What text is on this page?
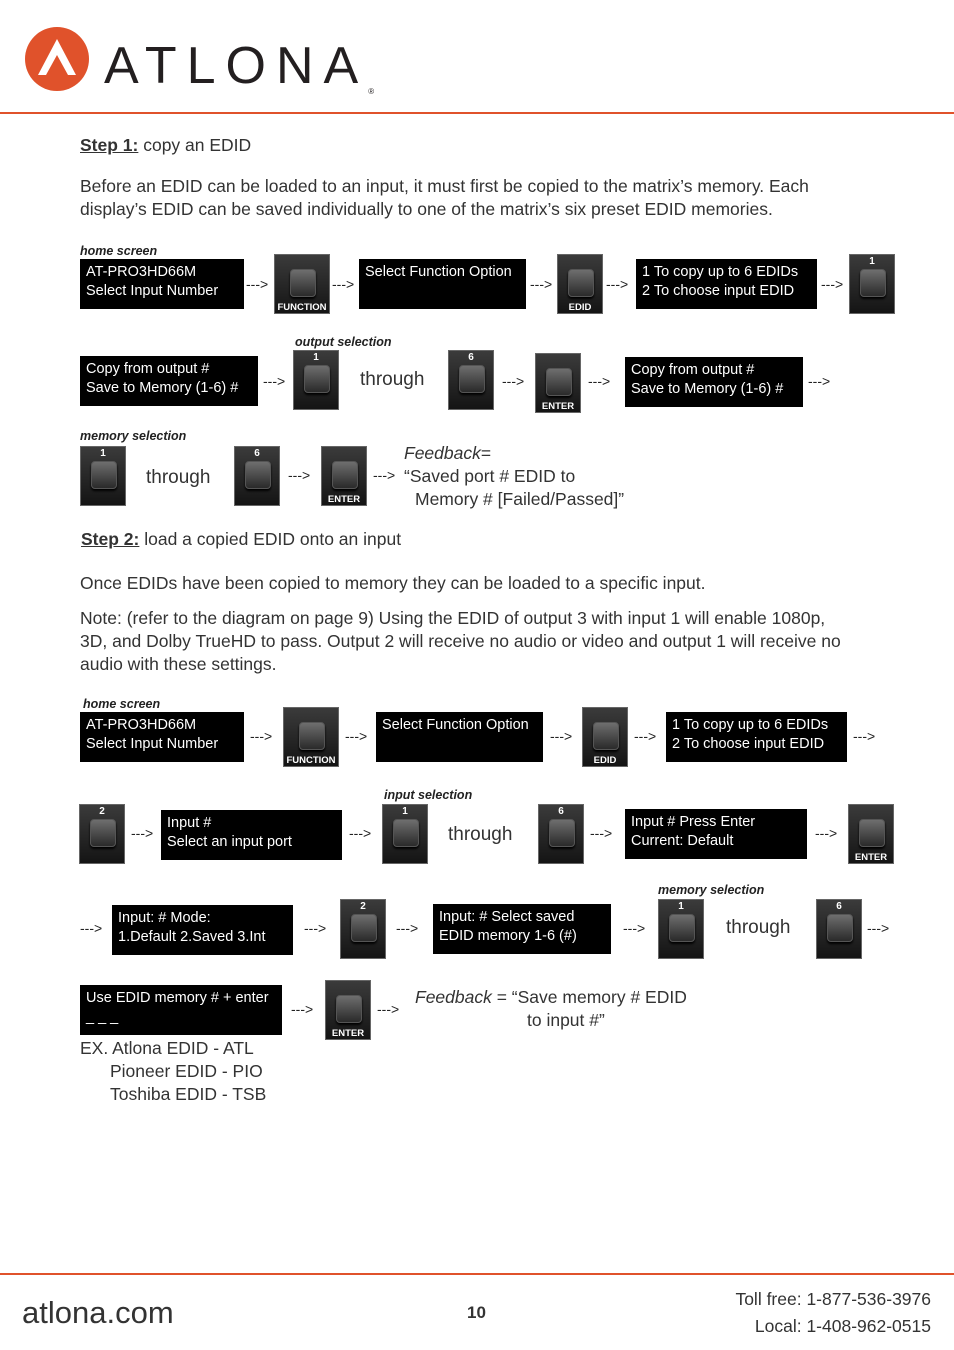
ATLONA®
Step 1: copy an EDID
Before an EDID can be loaded to an input, it must first be copied to the matrix’s memory. Each
display’s EDID can be saved individually to one of the matrix’s six preset EDID memories.
home screen
AT-PRO3HD66M
Select Input Number	--->
FUNCTION
--->
Select Function Option
--->
EDID
--->
1 To copy up to 6 EDIDs
2 To choose input EDID	--->
1
Copy from output #
Save to Memory (1-6) #	--->
output selection
1
through
6
--->
ENTER
--->
Copy from output #
Save to Memory (1-6) #	--->
memory selection
1
through
6
--->
ENTER
--->
Feedback=
“Saved port # EDID to
Memory # [Failed/Passed]”
Step 2: load a copied EDID onto an input
Once EDIDs have been copied to memory they can be loaded to a specific input.
Note: (refer to the diagram on page 9) Using the EDID of output 3 with input 1 will enable 1080p,
3D, and Dolby TrueHD to pass. Output 2 will receive no audio or video and output 1 will receive no
audio with these settings.
home screen
AT-PRO3HD66M
Select Input Number	--->
FUNCTION
--->
Select Function Option
--->
EDID
--->
1 To copy up to 6 EDIDs
2 To choose input EDID	--->
2
--->
Input #
Select an input port
--->
input selection
1
through
6
--->
Input # Press Enter
Current: Default	--->
ENTER
--->
Input: # Mode:
1.Default 2.Saved 3.Int
--->
2
--->
Input: # Select saved
EDID memory 1-6 (#)	--->
memory selection
1
through
6
--->
Use EDID memory # + enter
_ _ _	--->
ENTER
--->
Feedback = “Save memory # EDID
to input #”
EX. Atlona EDID - ATL
Pioneer EDID - PIO
Toshiba EDID - TSB
atlona.com	10
Toll free: 1-877-536-3976
Local: 1-408-962-0515
